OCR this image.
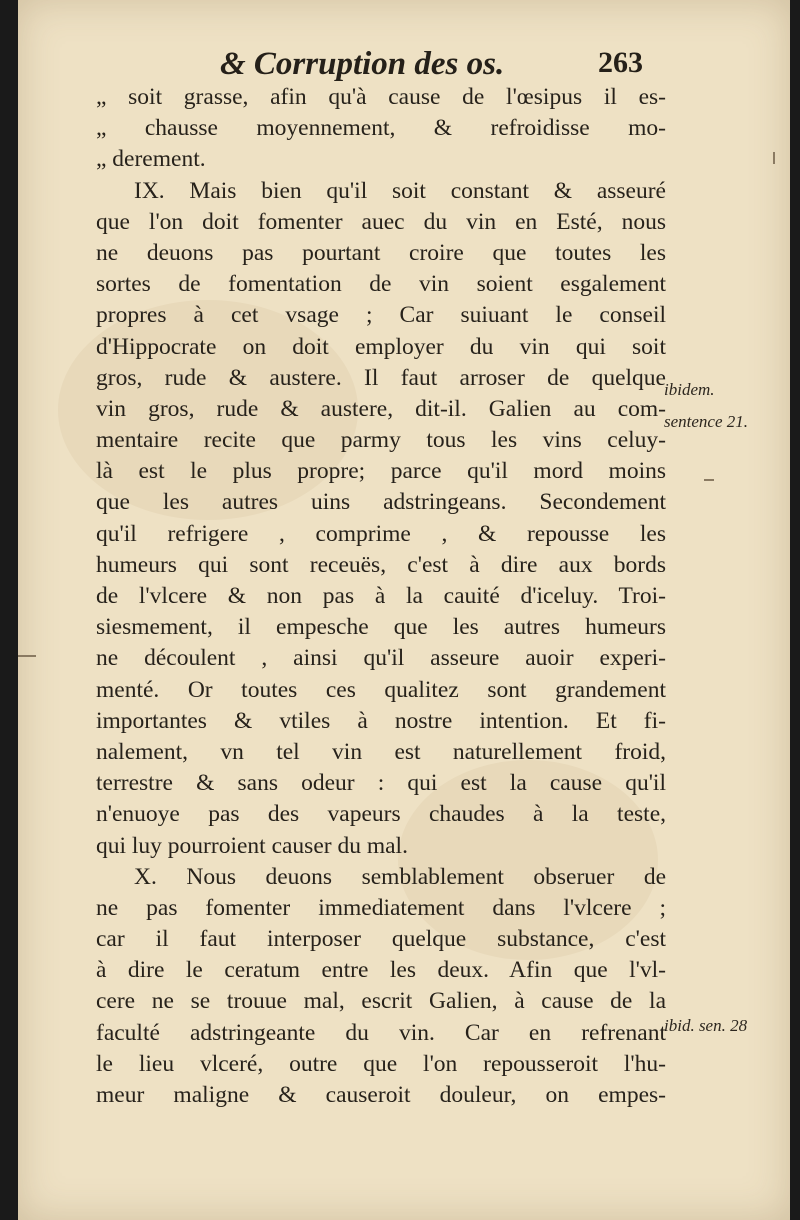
& Corruption des os.	263
„ soit grasse, afin qu'à cause de l'œsipus il es-
„ chausse moyennement, & refroidisse mo-
„ derement.
IX. Mais bien qu'il soit constant & asseuré
que l'on doit fomenter auec du vin en Esté, nous
ne deuons pas pourtant croire que toutes les
sortes de fomentation de vin soient esgalement
propres à cet vsage ; Car suiuant le conseil
d'Hippocrate on doit employer du vin qui soit
gros, rude & austere. Il faut arroser de quelque
vin gros, rude & austere, dit-il. Galien au com-
mentaire recite que parmy tous les vins celuy-
là est le plus propre; parce qu'il mord moins
que les autres uins adstringeans. Secondement
qu'il refrigere , comprime , & repousse les
humeurs qui sont receuës, c'est à dire aux bords
de l'vlcere & non pas à la cauité d'iceluy. Troi-
siesmement, il empesche que les autres humeurs
ne découlent , ainsi qu'il asseure auoir experi-
menté. Or toutes ces qualitez sont grandement
importantes & vtiles à nostre intention. Et fi-
nalement, vn tel vin est naturellement froid,
terrestre & sans odeur : qui est la cause qu'il
n'enuoye pas des vapeurs chaudes à la teste,
qui luy pourroient causer du mal.
X. Nous deuons semblablement obseruer de
ne pas fomenter immediatement dans l'vlcere ;
car il faut interposer quelque substance, c'est
à dire le ceratum entre les deux. Afin que l'vl-
cere ne se trouue mal, escrit Galien, à cause de la
faculté adstringeante du vin. Car en refrenant
le lieu vlceré, outre que l'on repousseroit l'hu-
meur maligne & causeroit douleur, on empes-
ibidem.
sentence 21.
ibid. sen. 28
